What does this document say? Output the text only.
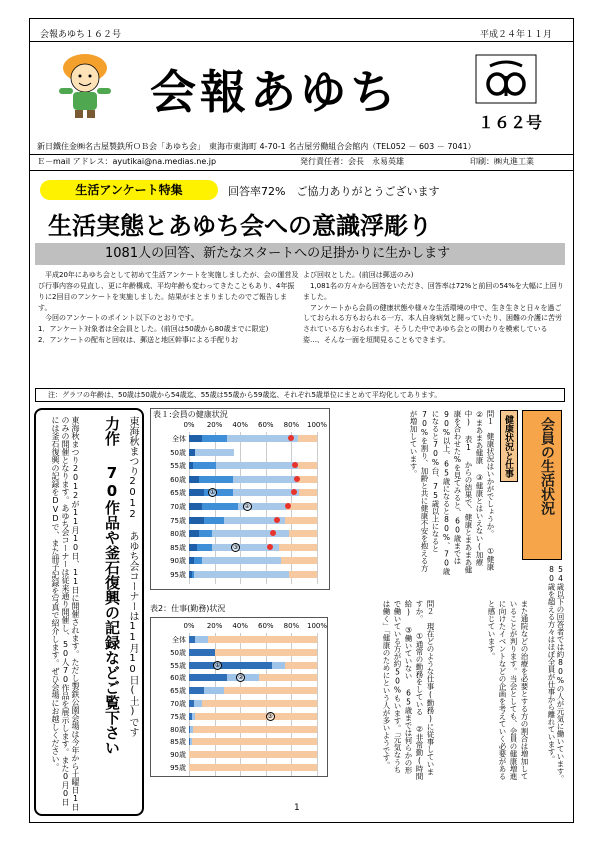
会報あゆち１６２号	平成２４年１１月
会報あゆち
１６２号
新日鐵住金㈱名古屋製鉄所ＯＢ会「あゆち会」　東海市東海町 4-70-1 名古屋労働組合会館内（TEL052 － 603 － 7041）
Ｅ－mail アドレス：ayutikai@na.medias.ne.jp	発行責任者：会長　永易英雄	印刷：㈱丸進工業
生活アンケート特集	回答率72%　ご協力ありがとうございます
生活実態とあゆち会への意識浮彫り
1081人の回答、新たなスタートへの足掛かりに生かします
　平成20年にあゆち会として初めて生活アンケートを実施しましたが、会の運営及び行事内容の見直し、更に年齢構成、平均年齢も変わってきたこともあり、4年振りに2回目のアンケートを実施しました。結果がまとまりましたのでご報告します。
　今回のアンケートのポイント以下のとおりです。
1．アンケート対象者は全会員とした。(前回は50歳から80歳までに限定)
2．アンケートの配布と回収は、郵送と地区幹事による手配りお
よび回収とした。(前回は郵送のみ)
　1,081名の方々から回答をいただき、回答率は72%と前回の54%を大幅に上回りました。
　アンケートから会員の健康状態や様々な生活環境の中で、生き生きと日々を過ごしておられる方もおられる一方、本人自身病気と闘っていたり、困難の介護に苦労されている方もおられます。そうした中であゆち会との関わりを模索している姿…、そんな一面を垣間見ることもできます。
注：グラフの年齢は、50歳は50歳から54歳迄、55歳は55歳から59歳迄、それぞれ5歳単位にまとめて平均化してあります。
東海秋まつり2012 あゆち会コーナーは11月10日(土)です
力作 70作品や釜石復興の記録などご覧下さい
東海秋まつり2012が11月10日、11日に開催されます。ただし製鉄公園会場は今年から土曜日1日のみの開催となります。あゆち会コーナーは従来通り開催し、50人70作品を展示します。また0月0日には釜石復興の記録をDVDで、また冊子記録を写真で紹介します。ぜひ会場にお越しください。
表１:会員の健康状況
0%	20%	40%	60%	80%	100%
全体
50歳
55歳
60歳
65歳
70歳
75歳
80歳
85歳
90歳
95歳
①
②
③
表2：仕事(勤務)状況
0%	20%	40%	60%	80%	100%
全体
50歳
55歳
60歳
65歳
70歳
75歳
80歳
85歳
90歳
95歳
①
②
③
会員の生活状況
健康状況と仕事
54歳以下の回答者では約80%の人が元気に働いています。80歳を超える方々はほぼ全員が仕事から離れています。
問１　健康状況はいかがでしょうか。 ①健康 ②まあまあ健康 ③健康とはいえない(加療中) 表1 からの結果で、健康とまあまあ健康を合わせた%を見てみると、60歳までは90%以上、65歳になると80%、70歳になると70%台、75歳以上になると70%を割り、加齢と共に健康不安を抱える方が増加しています。
また通院などの治療を必要とする方の割合は増加していることが判ります。当会としても、会員の健康増進に向けたイベントなどの企画を考えていく必要があると感じています。
問２　現在どのような仕事(勤務)に従事していますか。 ①通常の勤務をしている ②非常勤(時間給) ③働いていない 65歳までは何らかの形で働いている方が約50%もいます。「元気なうちは働く」「健康のためにという人が多いようです。
1
